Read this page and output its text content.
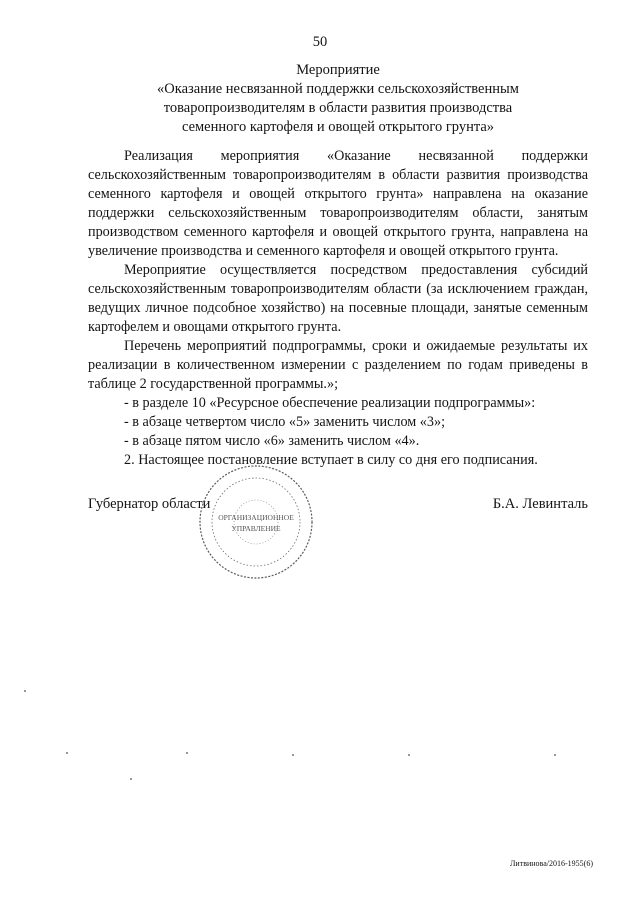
50
Мероприятие
«Оказание несвязанной поддержки сельскохозяйственным
товаропроизводителям в области развития производства
семенного картофеля и овощей открытого грунта»

Реализация мероприятия «Оказание несвязанной поддержки сельскохозяйственным товаропроизводителям в области развития производства семенного картофеля и овощей открытого грунта» направлена на оказание поддержки сельскохозяйственным товаропроизводителям области, занятым производством семенного картофеля и овощей открытого грунта, направлена на увеличение производства и семенного картофеля и овощей открытого грунта.

Мероприятие осуществляется посредством предоставления субсидий сельскохозяйственным товаропроизводителям области (за исключением граждан, ведущих личное подсобное хозяйство) на посевные площади, занятые семенным картофелем и овощами открытого грунта.

Перечень мероприятий подпрограммы, сроки и ожидаемые результаты их реализации в количественном измерении с разделением по годам приведены в таблице 2 государственной программы.»;

- в разделе 10 «Ресурсное обеспечение реализации подпрограммы»:

- в абзаце четвертом число «5» заменить числом «3»;

- в абзаце пятом число «6» заменить числом «4».

2. Настоящее постановление вступает в силу со дня его подписания.

Губернатор области	Б.А. Левинталь
ОРГАНИЗАЦИОННОЕ
УПРАВЛЕНИЕ
Литвинова/2016-1955(6)
